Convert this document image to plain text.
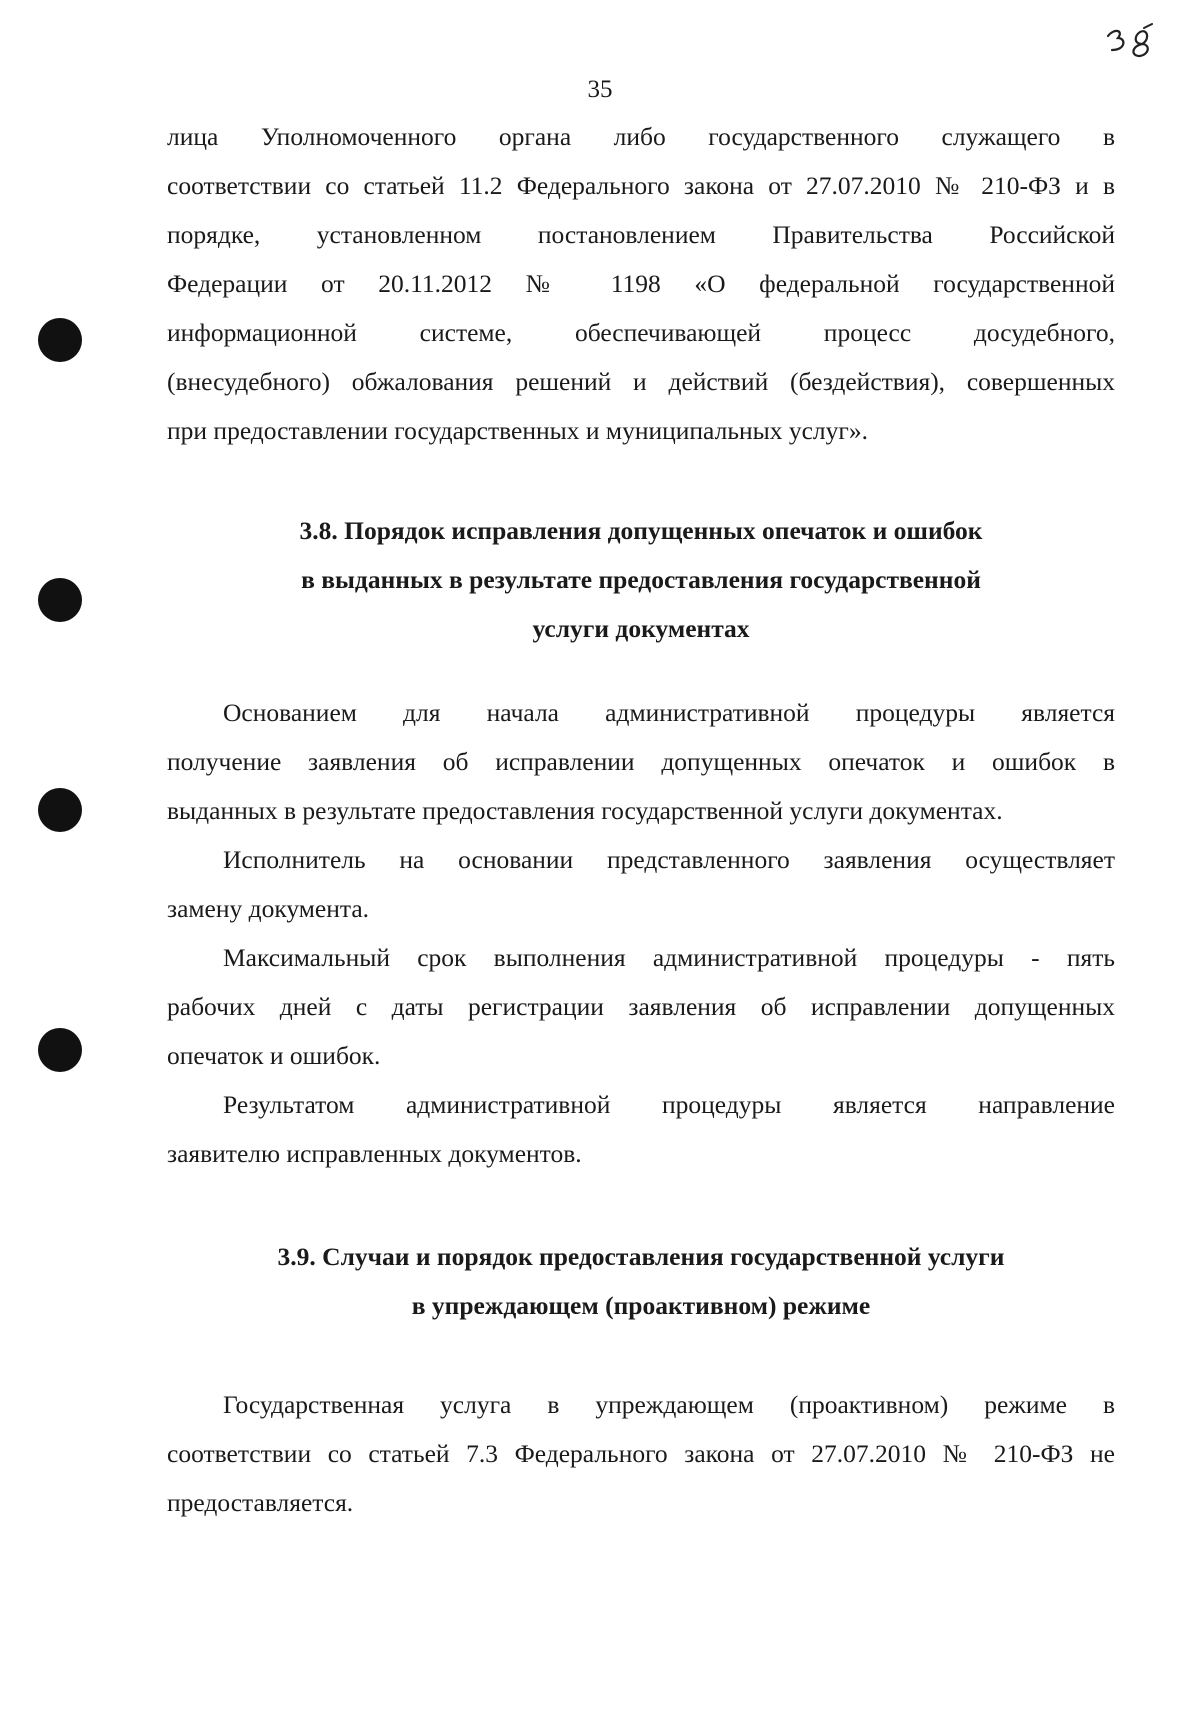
35
лица Уполномоченного органа либо государственного служащего в
соответствии со статьей 11.2 Федерального закона от 27.07.2010 № 210-ФЗ и в
порядке, установленном постановлением Правительства Российской
Федерации от 20.11.2012 № 1198 «О федеральной государственной
информационной системе, обеспечивающей процесс досудебного,
(внесудебного) обжалования решений и действий (бездействия), совершенных
при предоставлении государственных и муниципальных услуг».
3.8. Порядок исправления допущенных опечаток и ошибок
в выданных в результате предоставления государственной
услуги документах
Основанием для начала административной процедуры является
получение заявления об исправлении допущенных опечаток и ошибок в
выданных в результате предоставления государственной услуги документах.
Исполнитель на основании представленного заявления осуществляет
замену документа.
Максимальный срок выполнения административной процедуры - пять
рабочих дней с даты регистрации заявления об исправлении допущенных
опечаток и ошибок.
Результатом административной процедуры является направление
заявителю исправленных документов.
3.9. Случаи и порядок предоставления государственной услуги
в упреждающем (проактивном) режиме
Государственная услуга в упреждающем (проактивном) режиме в
соответствии со статьей 7.3 Федерального закона от 27.07.2010 № 210-ФЗ не
предоставляется.
